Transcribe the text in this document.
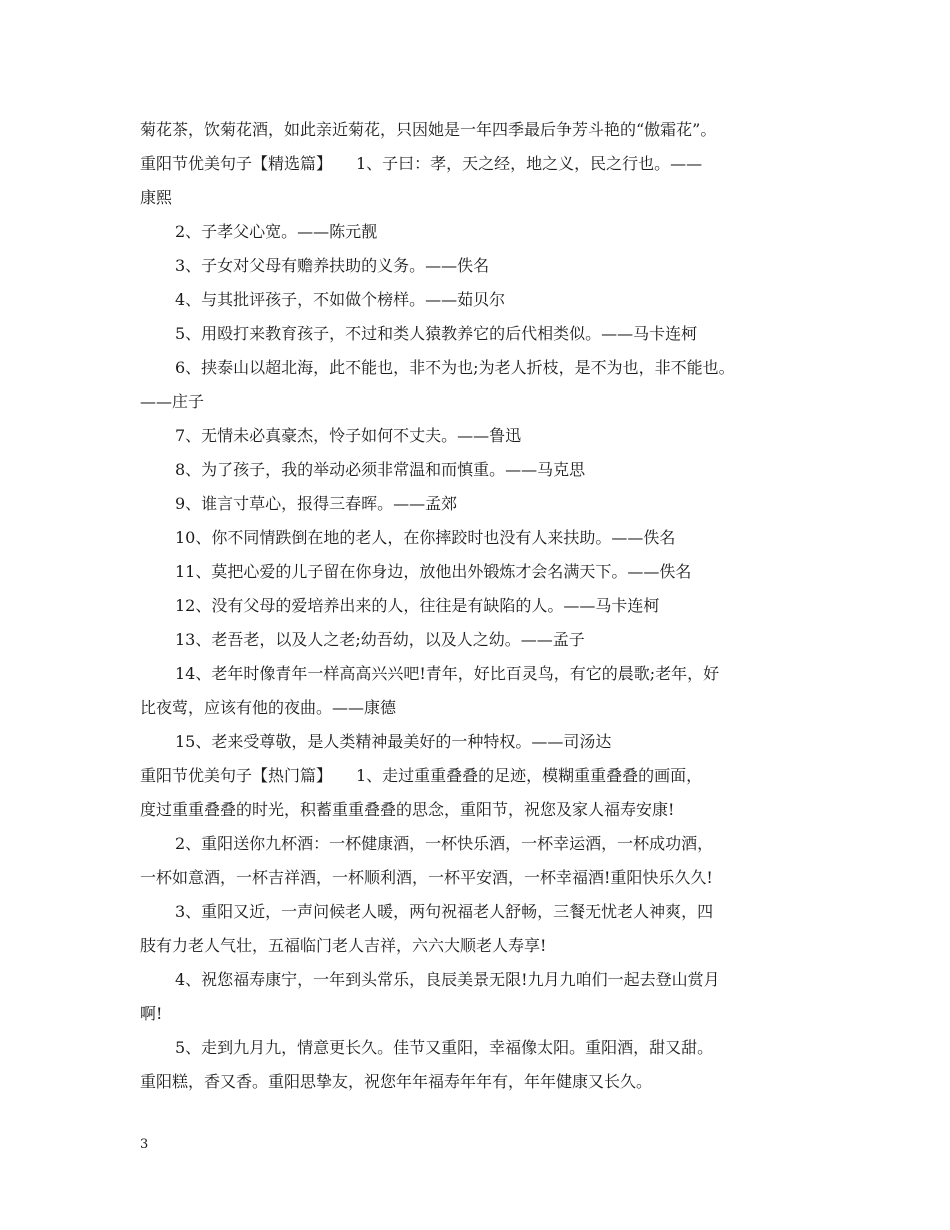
菊花茶，饮菊花酒，如此亲近菊花，只因她是一年四季最后争芳斗艳的“傲霜花”。
重阳节优美句子【精选篇】　　1、子曰：孝，天之经，地之义，民之行也。——
康熙
2、子孝父心宽。——陈元靓
3、子女对父母有赡养扶助的义务。——佚名
4、与其批评孩子，不如做个榜样。——茹贝尔
5、用殴打来教育孩子，不过和类人猿教养它的后代相类似。——马卡连柯
6、挟泰山以超北海，此不能也，非不为也;为老人折枝，是不为也，非不能也。
——庄子
7、无情未必真豪杰，怜子如何不丈夫。——鲁迅
8、为了孩子，我的举动必须非常温和而慎重。——马克思
9、谁言寸草心，报得三春晖。——孟郊
10、你不同情跌倒在地的老人，在你摔跤时也没有人来扶助。——佚名
11、莫把心爱的儿子留在你身边，放他出外锻炼才会名满天下。——佚名
12、没有父母的爱培养出来的人，往往是有缺陷的人。——马卡连柯
13、老吾老，以及人之老;幼吾幼，以及人之幼。——孟子
14、老年时像青年一样高高兴兴吧!青年，好比百灵鸟，有它的晨歌;老年，好
比夜莺，应该有他的夜曲。——康德
15、老来受尊敬，是人类精神最美好的一种特权。——司汤达
重阳节优美句子【热门篇】　　1、走过重重叠叠的足迹，模糊重重叠叠的画面，
度过重重叠叠的时光，积蓄重重叠叠的思念，重阳节，祝您及家人福寿安康!
2、重阳送你九杯酒：一杯健康酒，一杯快乐酒，一杯幸运酒，一杯成功酒，
一杯如意酒，一杯吉祥酒，一杯顺利酒，一杯平安酒，一杯幸福酒!重阳快乐久久!
3、重阳又近，一声问候老人暖，两句祝福老人舒畅，三餐无忧老人神爽，四
肢有力老人气壮，五福临门老人吉祥，六六大顺老人寿享!
4、祝您福寿康宁，一年到头常乐，良辰美景无限!九月九咱们一起去登山赏月
啊!
5、走到九月九，情意更长久。佳节又重阳，幸福像太阳。重阳酒，甜又甜。
重阳糕，香又香。重阳思挚友，祝您年年福寿年年有，年年健康又长久。
3
